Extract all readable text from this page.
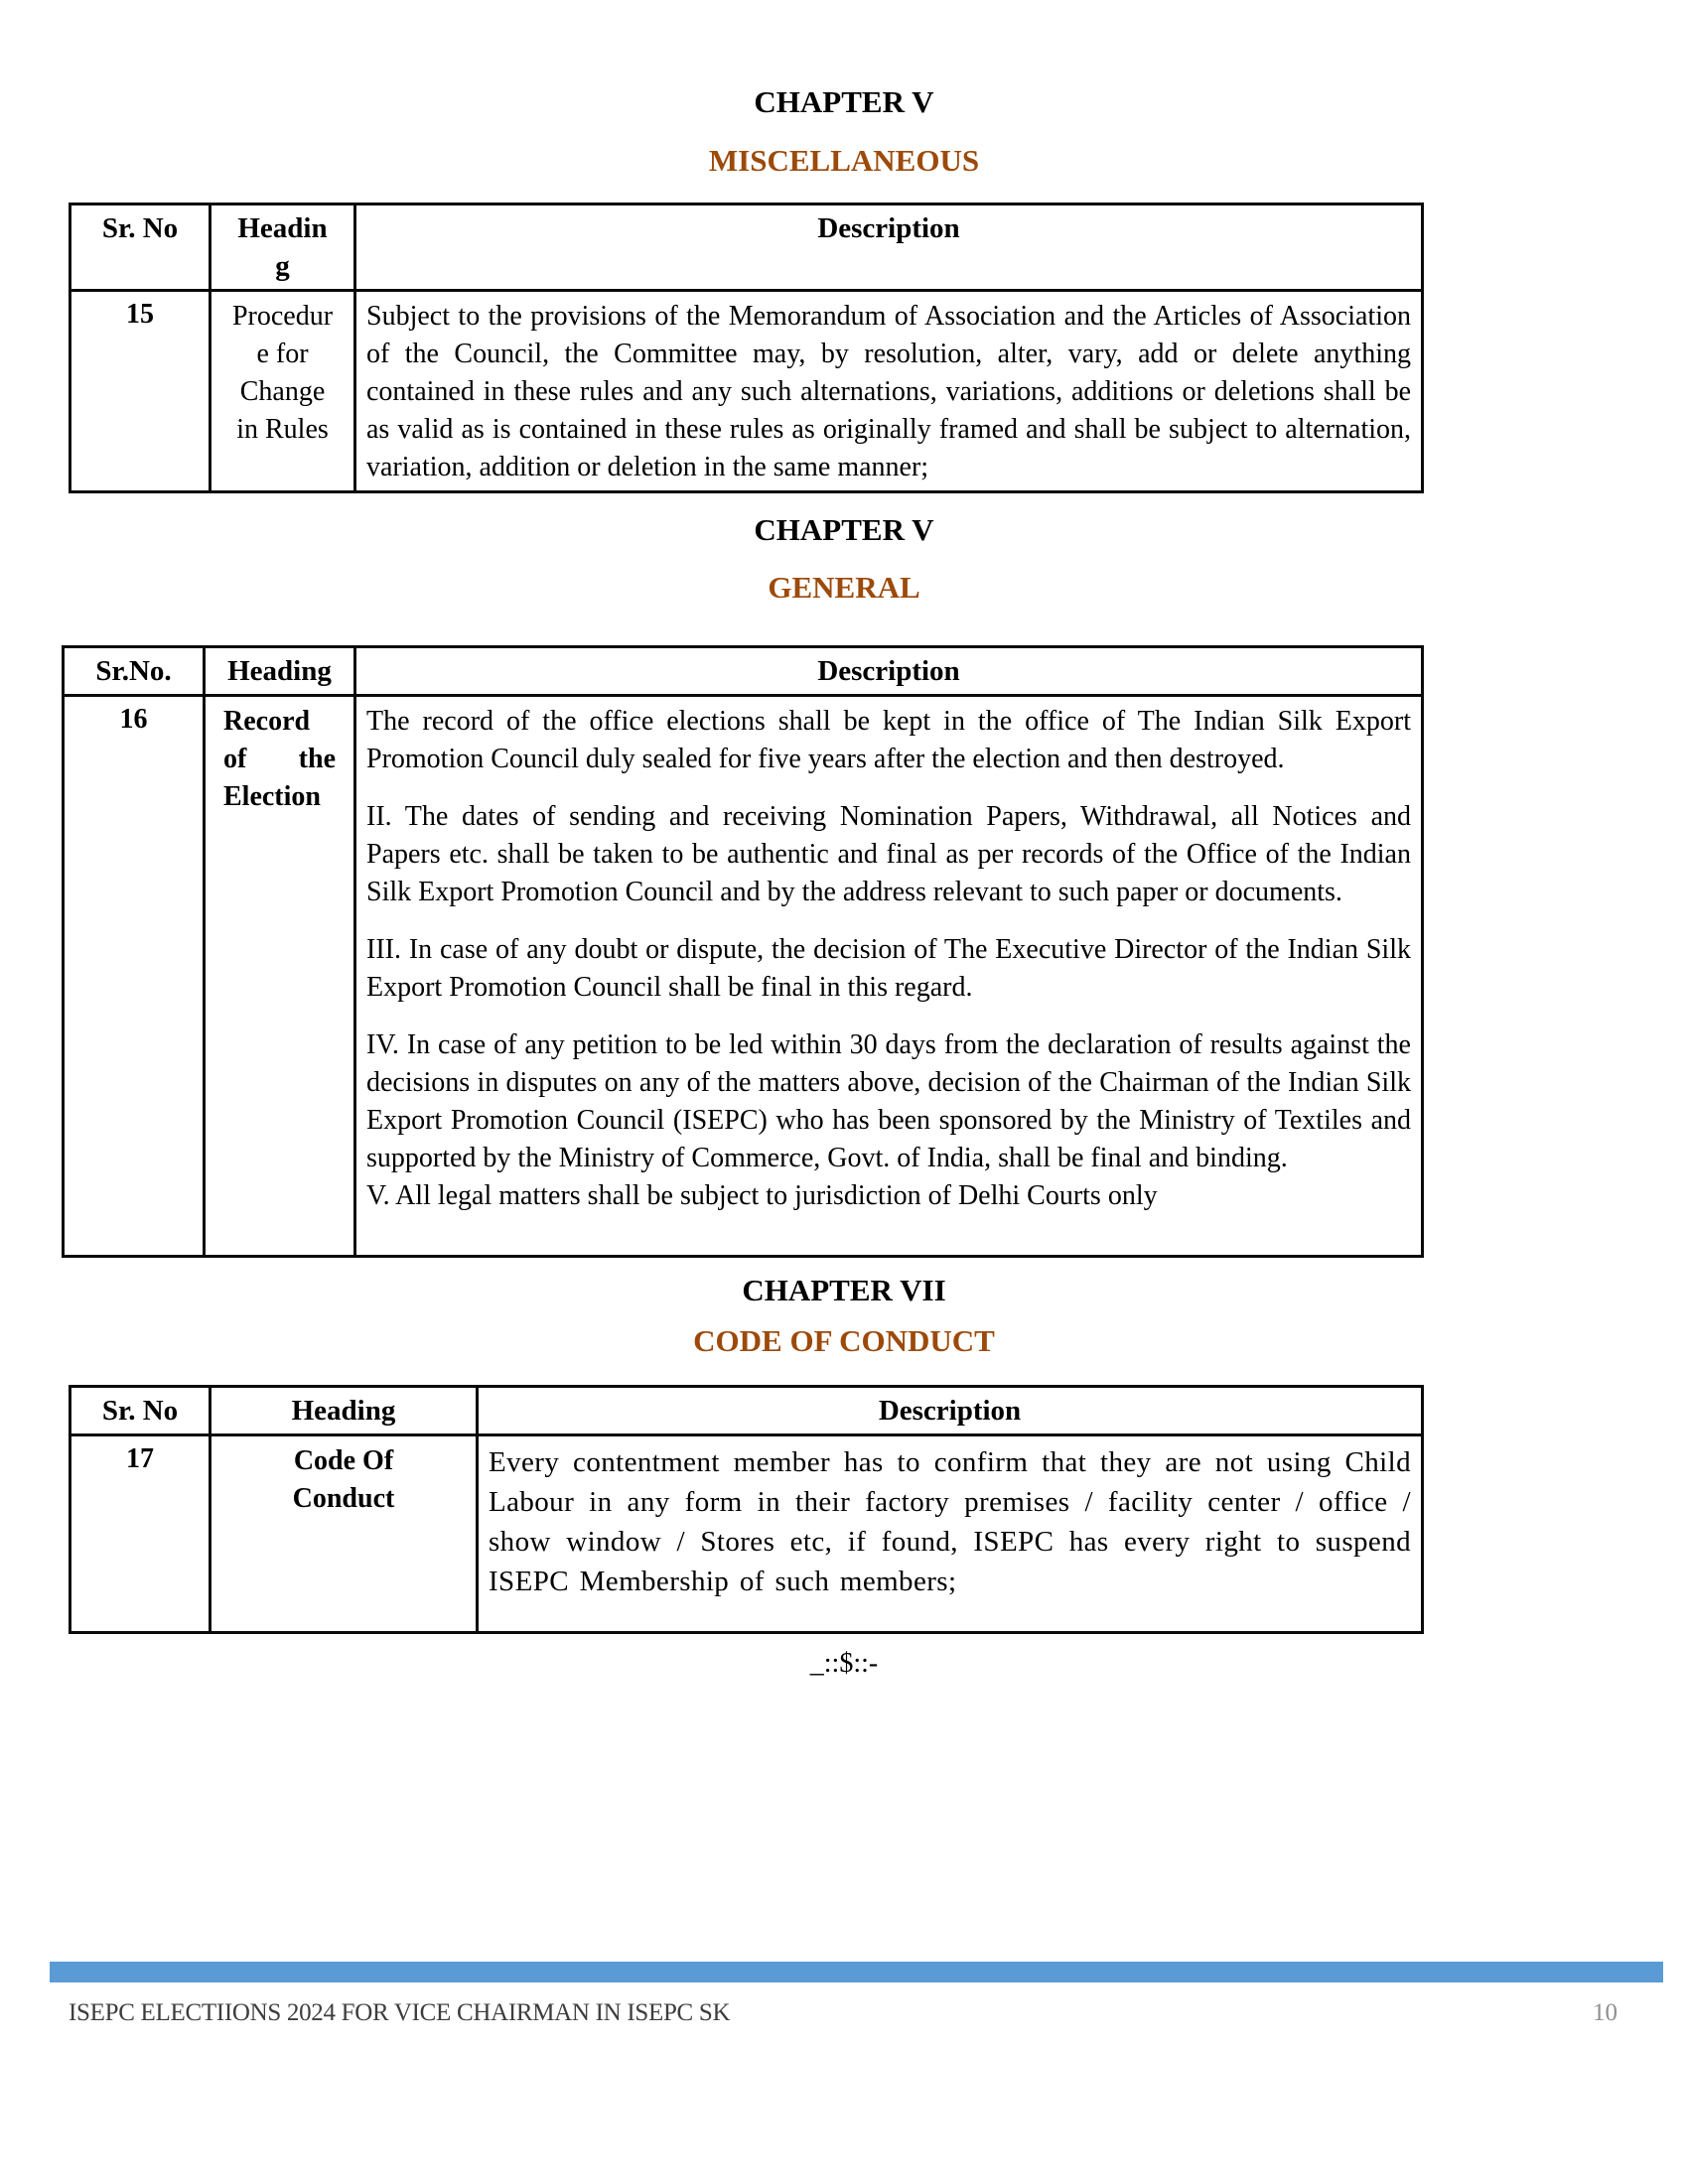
CHAPTER V
MISCELLANEOUS
Sr. No	Heading	Description
15	Procedure for Change in Rules	Subject to the provisions of the Memorandum of Association and the Articles of Association of the Council, the Committee may, by resolution, alter, vary, add or delete anything contained in these rules and any such alternations, variations, additions or deletions shall be as valid as is contained in these rules as originally framed and shall be subject to alternation, variation, addition or deletion in the same manner;

CHAPTER V
GENERAL
Sr.No.	Heading	Description
16	Record of the Election	The record of the office elections shall be kept in the office of The Indian Silk Export Promotion Council duly sealed for five years after the election and then destroyed.

II. The dates of sending and receiving Nomination Papers, Withdrawal, all Notices and Papers etc. shall be taken to be authentic and final as per records of the Office of the Indian Silk Export Promotion Council and by the address relevant to such paper or documents.

III. In case of any doubt or dispute, the decision of The Executive Director of the Indian Silk Export Promotion Council shall be final in this regard.

IV. In case of any petition to be led within 30 days from the declaration of results against the decisions in disputes on any of the matters above, decision of the Chairman of the Indian Silk Export Promotion Council (ISEPC) who has been sponsored by the Ministry of Textiles and supported by the Ministry of Commerce, Govt. of India, shall be final and binding.

V. All legal matters shall be subject to jurisdiction of Delhi Courts only

CHAPTER VII
CODE OF CONDUCT
Sr. No	Heading	Description
17	Code Of Conduct	Every contentment member has to confirm that they are not using Child Labour in any form in their factory premises / facility center / office / show window / Stores etc, if found, ISEPC has every right to suspend ISEPC Membership of such members;

_::$::-
ISEPC ELECTIIONS 2024 FOR VICE CHAIRMAN IN ISEPC SK	10
